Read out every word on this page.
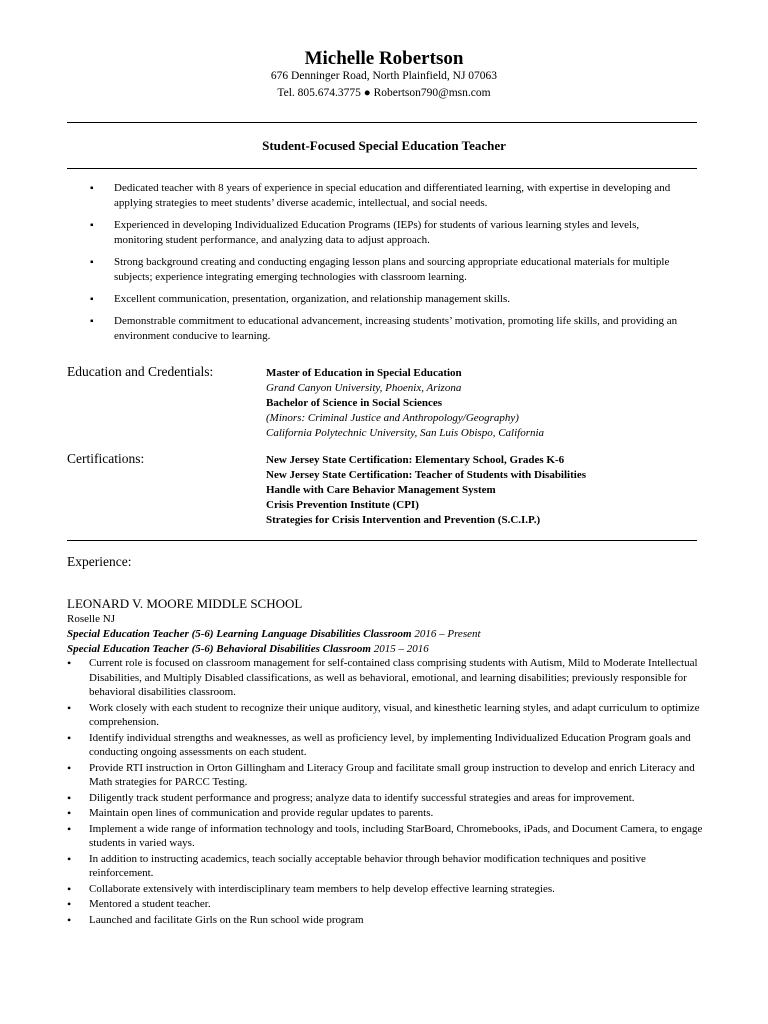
Michelle Robertson
676 Denninger Road, North Plainfield, NJ 07063
Tel. 805.674.3775 ● Robertson790@msn.com
Student-Focused Special Education Teacher
▪ Dedicated teacher with 8 years of experience in special education and differentiated learning, with expertise in developing and applying strategies to meet students’ diverse academic, intellectual, and social needs.
▪ Experienced in developing Individualized Education Programs (IEPs) for students of various learning styles and levels, monitoring student performance, and analyzing data to adjust approach.
▪ Strong background creating and conducting engaging lesson plans and sourcing appropriate educational materials for multiple subjects; experience integrating emerging technologies with classroom learning.
▪ Excellent communication, presentation, organization, and relationship management skills.
▪ Demonstrable commitment to educational advancement, increasing students’ motivation, promoting life skills, and providing an environment conducive to learning.
Education and Credentials:	Master of Education in Special Education
Grand Canyon University, Phoenix, Arizona
Bachelor of Science in Social Sciences
(Minors: Criminal Justice and Anthropology/Geography)
California Polytechnic University, San Luis Obispo, California
Certifications:	New Jersey State Certification: Elementary School, Grades K-6
New Jersey State Certification: Teacher of Students with Disabilities
Handle with Care Behavior Management System
Crisis Prevention Institute (CPI)
Strategies for Crisis Intervention and Prevention (S.C.I.P.)
Experience:
LEONARD V. MOORE MIDDLE SCHOOL
Roselle NJ
Special Education Teacher (5-6) Learning Language Disabilities Classroom 2016 – Present
Special Education Teacher (5-6) Behavioral Disabilities Classroom 2015 – 2016
• Current role is focused on classroom management for self-contained class comprising students with Autism, Mild to Moderate Intellectual Disabilities, and Multiply Disabled classifications, as well as behavioral, emotional, and learning disabilities; previously responsible for behavioral disabilities classroom.
• Work closely with each student to recognize their unique auditory, visual, and kinesthetic learning styles, and adapt curriculum to optimize comprehension.
• Identify individual strengths and weaknesses, as well as proficiency level, by implementing Individualized Education Program goals and conducting ongoing assessments on each student.
• Provide RTI instruction in Orton Gillingham and Literacy Group and facilitate small group instruction to develop and enrich Literacy and Math strategies for PARCC Testing.
• Diligently track student performance and progress; analyze data to identify successful strategies and areas for improvement.
• Maintain open lines of communication and provide regular updates to parents.
• Implement a wide range of information technology and tools, including StarBoard, Chromebooks, iPads, and Document Camera, to engage students in varied ways.
• In addition to instructing academics, teach socially acceptable behavior through behavior modification techniques and positive reinforcement.
• Collaborate extensively with interdisciplinary team members to help develop effective learning strategies.
• Mentored a student teacher.
• Launched and facilitate Girls on the Run school wide program
